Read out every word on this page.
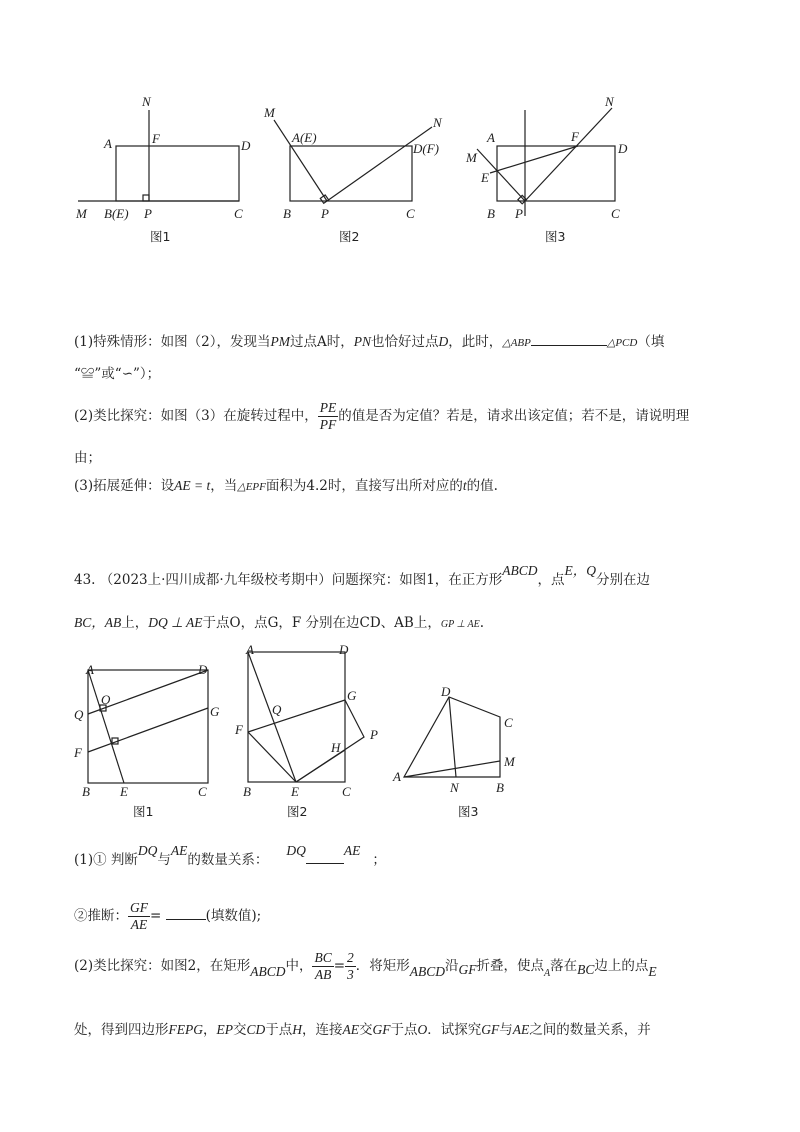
N
A	F	D
M B(E) P	C
图1
M
A(E)
N
D(F)
B P	C
图2
N
A	F
D
M
E
B P	C
图3
(1)特殊情形：如图（2），发现当PM过点A时，PN也恰好过点D，此时，△ABP	△PCD（填
“≌”或“∽”）；
(2)类比探究：如图（3）在旋转过程中， $\frac{PE}{PF}$ 的值是否为定值？若是，请求出该定值；若不是，请说明理
由；
(3)拓展延伸：设AE = t，当△EPF面积为4.2时，直接写出所对应的t的值.
43. （2023上·四川成都·九年级校考期中）问题探究：如图1，在正方形ABCD，点E，Q分别在边
BC，AB上，DQ ⊥ AE于点O，点G，F 分别在边CD、AB上，GP ⊥ AE.
A	D
O
Q	G
F
B E	C
图1
A	D
G
Q
F	P
H
B	E	C
图2
D
C
M
A
N	B
图3
(1)① 判断DQ与AE的数量关系：DQ	AE；
②推断： $\frac{GF}{AE}$ =	(填数值);
(2)类比探究：如图2，在矩形ABCD中， $\frac{BC}{AB} = \frac{2}{3}$ ．将矩形ABCD沿GF折叠，使点$_A$落在BC边上的点E
处，得到四边形FEPG，EP交CD于点H，连接AE交GF于点O．试探究GF与AE之间的数量关系，并
